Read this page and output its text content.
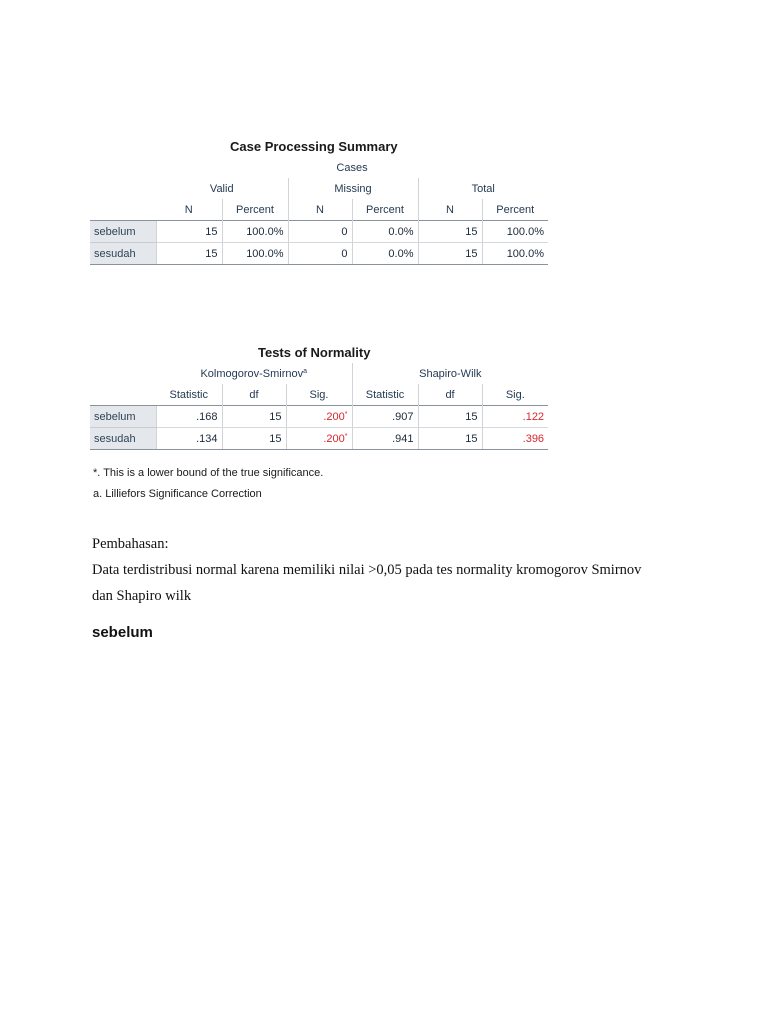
Case Processing Summary
	Cases					
	Valid		Missing		Total	
	N	Percent	N	Percent	N	Percent
sebelum	15	100.0%	0	0.0%	15	100.0%
sesudah	15	100.0%	0	0.0%	15	100.0%
Tests of Normality
	Kolmogorov-Smirnov$^a$			Shapiro-Wilk		
	Statistic	df	Sig.	Statistic	df	Sig.
sebelum	.168	15	.200*	.907	15	.122
sesudah	.134	15	.200*	.941	15	.396
*. This is a lower bound of the true significance.
a. Lilliefors Significance Correction
Pembahasan:
Data terdistribusi normal karena memiliki nilai >0,05 pada tes normality kromogorov Smirnov
dan Shapiro wilk
sebelum
